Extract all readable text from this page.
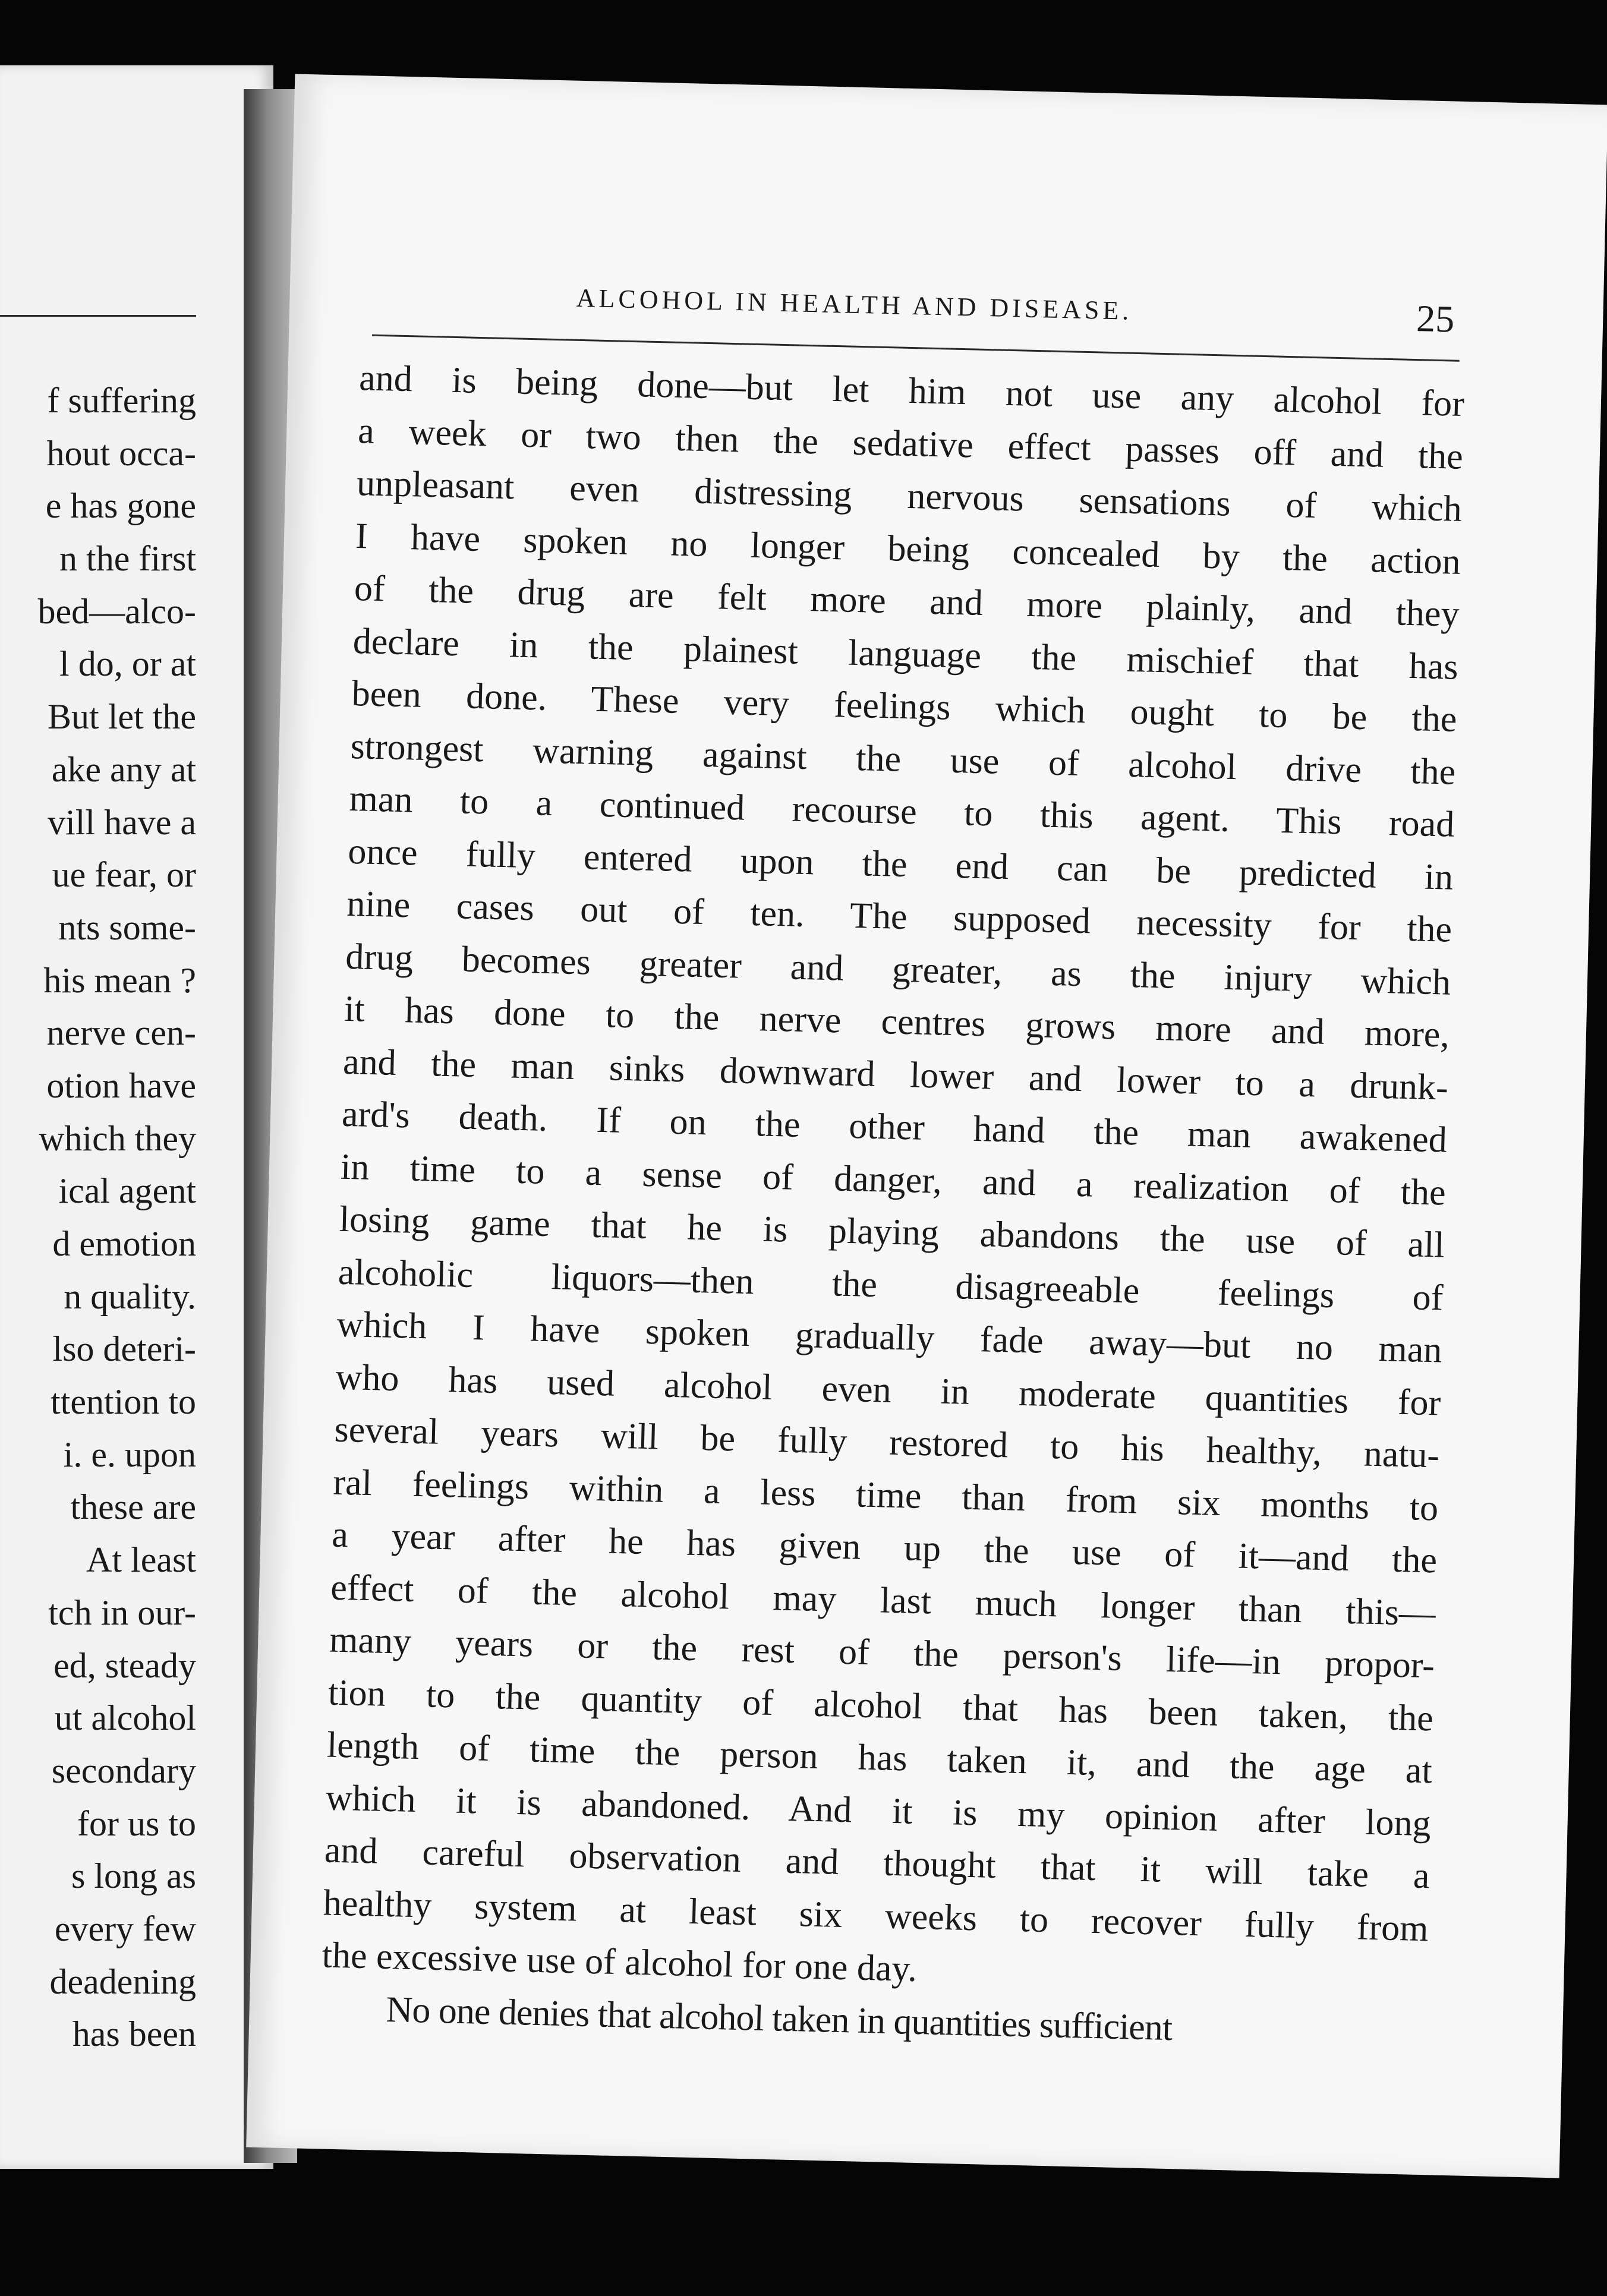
f suffering
hout occa-
e has gone
n the first
bed—alco-
l do, or at
But let the
ake any at
vill have a
ue fear, or
nts some-
his mean ?
nerve cen-
otion have
which they
ical agent
d emotion
n quality.
lso deteri-
ttention to
i. e. upon
these are
At least
tch in our-
ed, steady
ut alcohol
secondary
for us to
s long as
every few
deadening
has been
ALCOHOL IN HEALTH AND DISEASE.	25

and is being done—but let him not use any alcohol for
a week or two then the sedative effect passes off and the
unpleasant even distressing nervous sensations of which
I have spoken no longer being concealed by the action
of the drug are felt more and more plainly, and they
declare in the plainest language the mischief that has
been done. These very feelings which ought to be the
strongest warning against the use of alcohol drive the
man to a continued recourse to this agent. This road
once fully entered upon the end can be predicted in
nine cases out of ten. The supposed necessity for the
drug becomes greater and greater, as the injury which
it has done to the nerve centres grows more and more,
and the man sinks downward lower and lower to a drunk-
ard's death. If on the other hand the man awakened
in time to a sense of danger, and a realization of the
losing game that he is playing abandons the use of all
alcoholic liquors—then the disagreeable feelings of
which I have spoken gradually fade away—but no man
who has used alcohol even in moderate quantities for
several years will be fully restored to his healthy, natu-
ral feelings within a less time than from six months to
a year after he has given up the use of it—and the
effect of the alcohol may last much longer than this—
many years or the rest of the person's life—in propor-
tion to the quantity of alcohol that has been taken, the
length of time the person has taken it, and the age at
which it is abandoned. And it is my opinion after long
and careful observation and thought that it will take a
healthy system at least six weeks to recover fully from
the excessive use of alcohol for one day.

No one denies that alcohol taken in quantities sufficient
